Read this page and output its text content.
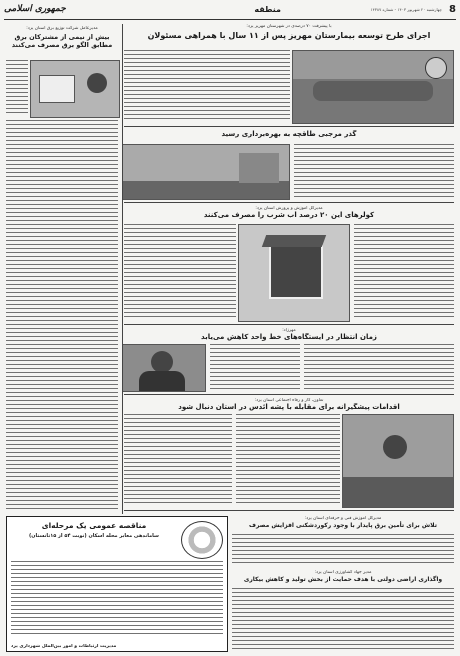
8
چهارشنبه ۲۰ شهریور ۱۴۰۳ - شماره ۱۴۳۸۷
منطقه
جمهوری اسلامی
با پیشرفت ۷۰ درصدی در شهرستان مهریز یزد:
اجرای طرح توسعه بیمارستان مهریز پس از ۱۱ سال با همراهی مسئولان
گذر مرجبی طاقچه به بهره‌برداری رسید
مدیرکل آموزش و پرورش استان یزد:
کولرهای این ۲۰ درصد آب شرب را مصرف می‌کنند
مهرزاد:
زمان انتظار در ایستگاه‌های خط واحد کاهش می‌یابد
تعاون، کار و رفاه اجتماعی استان یزد:
اقدامات پیشگیرانه برای مقابله با پشه آئدس در استان دنبال شود
مدیرعامل شرکت توزیع برق استان یزد:
بیش از نیمی از مشترکان برق مطابق الگو برق مصرف می‌کنند
مدیرکل آموزش فنی و حرفه‌ای استان یزد:
تلاش برای تأمین برق پایدار با وجود رکوردشکنی افزایش مصرف
مدیر جهاد کشاورزی استان یزد:
واگذاری اراضی دولتی با هدف حمایت از بخش تولید و کاهش بیکاری
مناقصه عمومی یک مرحله‌ای
ساماندهی معابر محله اسکان (نوبت ۵۴ از ۱۵تانستان)
مدیریت ارتباطات و امور بین‌الملل شهرداری یزد
